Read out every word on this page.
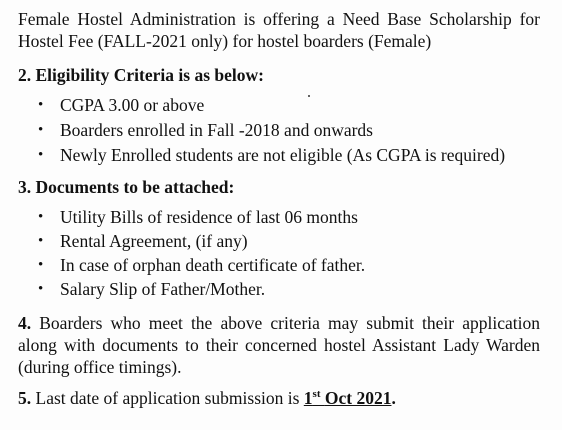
Female Hostel Administration is offering a Need Base Scholarship for Hostel Fee (FALL-2021 only) for hostel boarders (Female)
2. Eligibility Criteria is as below:
• CGPA 3.00 or above
• Boarders enrolled in Fall -2018 and onwards
• Newly Enrolled students are not eligible (As CGPA is required)
3. Documents to be attached:
• Utility Bills of residence of last 06 months
• Rental Agreement, (if any)
• In case of orphan death certificate of father.
• Salary Slip of Father/Mother.
4. Boarders who meet the above criteria may submit their application along with documents to their concerned hostel Assistant Lady Warden (during office timings).
5. Last date of application submission is 1st Oct 2021.
